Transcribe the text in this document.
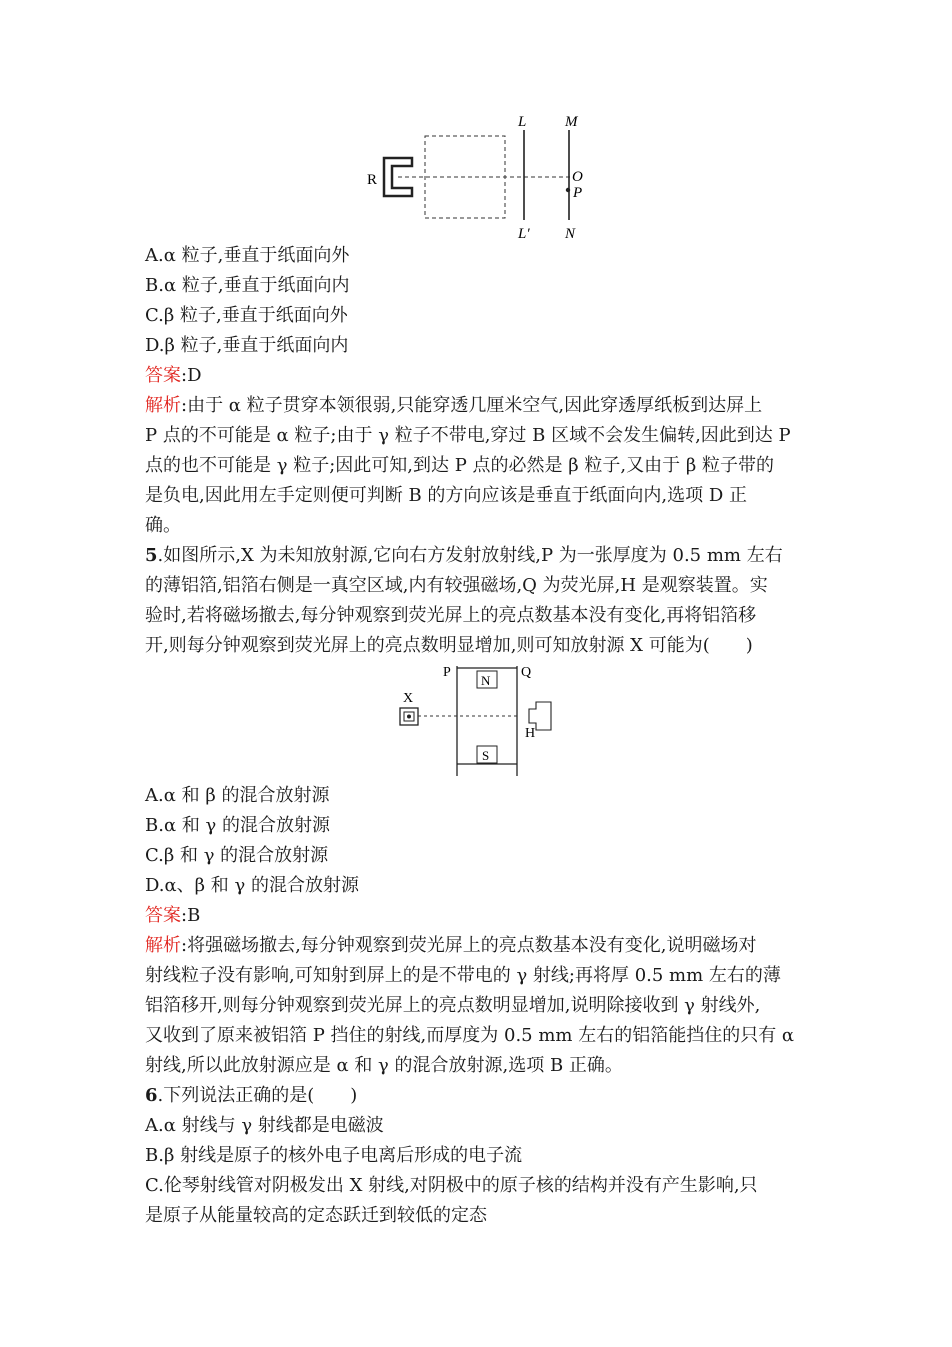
R
L
L′
M
N
O
P
A.α 粒子,垂直于纸面向外
B.α 粒子,垂直于纸面向内
C.β 粒子,垂直于纸面向外
D.β 粒子,垂直于纸面向内
答案:D
解析:由于 α 粒子贯穿本领很弱,只能穿透几厘米空气,因此穿透厚纸板到达屏上
P 点的不可能是 α 粒子;由于 γ 粒子不带电,穿过 B 区域不会发生偏转,因此到达 P
点的也不可能是 γ 粒子;因此可知,到达 P 点的必然是 β 粒子,又由于 β 粒子带的
是负电,因此用左手定则便可判断 B 的方向应该是垂直于纸面向内,选项 D 正
确。
5.如图所示,X 为未知放射源,它向右方发射放射线,P 为一张厚度为 0.5 mm 左右
的薄铝箔,铝箔右侧是一真空区域,内有较强磁场,Q 为荧光屏,H 是观察装置。实
验时,若将磁场撤去,每分钟观察到荧光屏上的亮点数基本没有变化,再将铝箔移
开,则每分钟观察到荧光屏上的亮点数明显增加,则可知放射源 X 可能为(　　)
P	Q
N
S
X
H
A.α 和 β 的混合放射源
B.α 和 γ 的混合放射源
C.β 和 γ 的混合放射源
D.α、β 和 γ 的混合放射源
答案:B
解析:将强磁场撤去,每分钟观察到荧光屏上的亮点数基本没有变化,说明磁场对
射线粒子没有影响,可知射到屏上的是不带电的 γ 射线;再将厚 0.5 mm 左右的薄
铝箔移开,则每分钟观察到荧光屏上的亮点数明显增加,说明除接收到 γ 射线外,
又收到了原来被铝箔 P 挡住的射线,而厚度为 0.5 mm 左右的铝箔能挡住的只有 α
射线,所以此放射源应是 α 和 γ 的混合放射源,选项 B 正确。
6.下列说法正确的是(　　)
A.α 射线与 γ 射线都是电磁波
B.β 射线是原子的核外电子电离后形成的电子流
C.伦琴射线管对阴极发出 X 射线,对阴极中的原子核的结构并没有产生影响,只
是原子从能量较高的定态跃迁到较低的定态
